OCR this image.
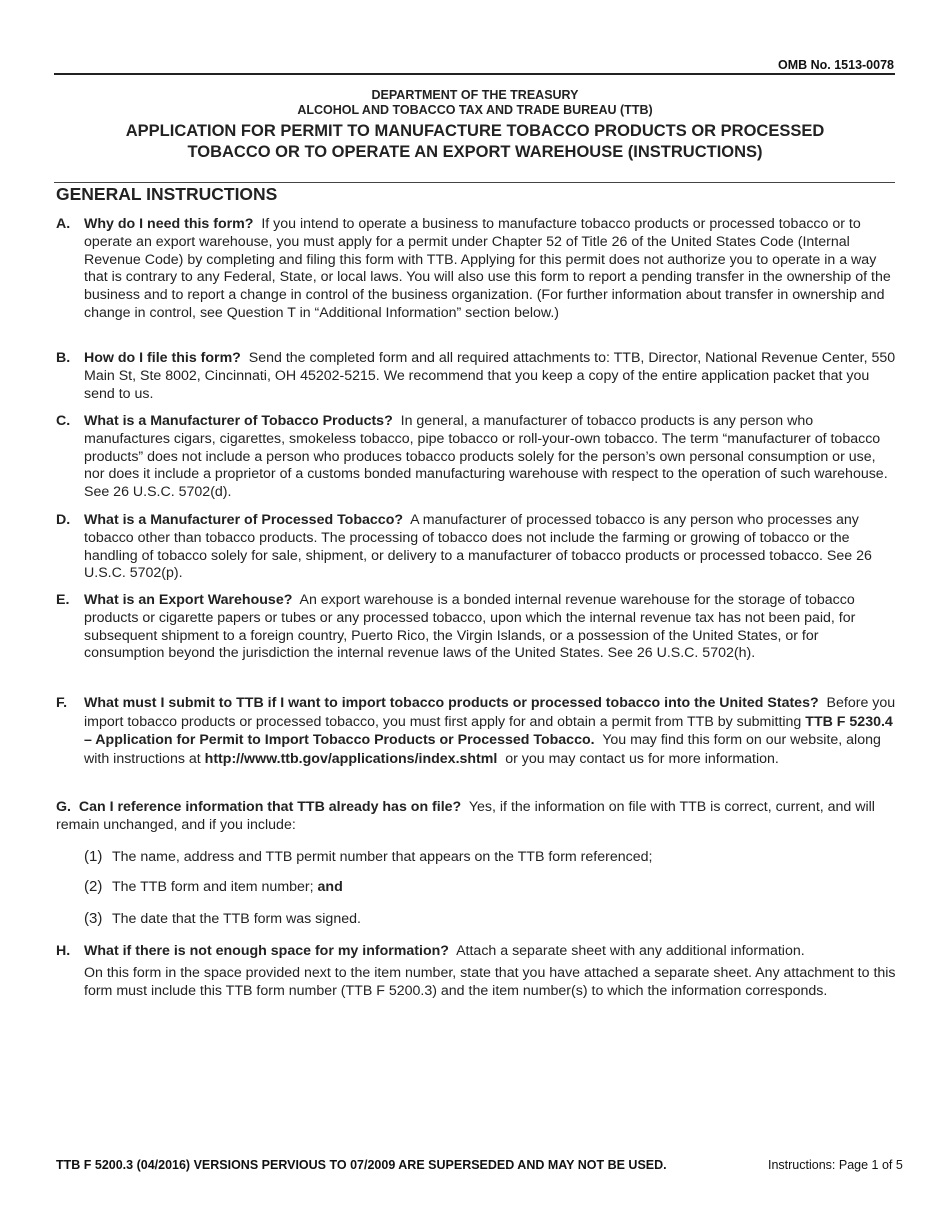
OMB No. 1513-0078
DEPARTMENT OF THE TREASURY
ALCOHOL AND TOBACCO TAX AND TRADE BUREAU (TTB)
APPLICATION FOR PERMIT TO MANUFACTURE TOBACCO PRODUCTS OR PROCESSED
TOBACCO OR TO OPERATE AN EXPORT WAREHOUSE (INSTRUCTIONS)
GENERAL INSTRUCTIONS
A. Why do I need this form? If you intend to operate a business to manufacture tobacco products or processed tobacco or to operate an export warehouse, you must apply for a permit under Chapter 52 of Title 26 of the United States Code (Internal Revenue Code) by completing and filing this form with TTB. Applying for this permit does not authorize you to operate in a way that is contrary to any Federal, State, or local laws. You will also use this form to report a pending transfer in the ownership of the business and to report a change in control of the business organization. (For further information about transfer in ownership and change in control, see Question T in “Additional Information” section below.)
B. How do I file this form? Send the completed form and all required attachments to: TTB, Director, National Revenue Center, 550 Main St, Ste 8002, Cincinnati, OH 45202-5215. We recommend that you keep a copy of the entire application packet that you send to us.
C. What is a Manufacturer of Tobacco Products? In general, a manufacturer of tobacco products is any person who manufactures cigars, cigarettes, smokeless tobacco, pipe tobacco or roll-your-own tobacco. The term “manufacturer of tobacco products” does not include a person who produces tobacco products solely for the person’s own personal consumption or use, nor does it include a proprietor of a customs bonded manufacturing warehouse with respect to the operation of such warehouse. See 26 U.S.C. 5702(d).
D. What is a Manufacturer of Processed Tobacco? A manufacturer of processed tobacco is any person who processes any tobacco other than tobacco products. The processing of tobacco does not include the farming or growing of tobacco or the handling of tobacco solely for sale, shipment, or delivery to a manufacturer of tobacco products or processed tobacco. See 26 U.S.C. 5702(p).
E. What is an Export Warehouse? An export warehouse is a bonded internal revenue warehouse for the storage of tobacco products or cigarette papers or tubes or any processed tobacco, upon which the internal revenue tax has not been paid, for subsequent shipment to a foreign country, Puerto Rico, the Virgin Islands, or a possession of the United States, or for consumption beyond the jurisdiction the internal revenue laws of the United States. See 26 U.S.C. 5702(h).
F. What must I submit to TTB if I want to import tobacco products or processed tobacco into the United States? Before you import tobacco products or processed tobacco, you must first apply for and obtain a permit from TTB by submitting TTB F 5230.4 – Application for Permit to Import Tobacco Products or Processed Tobacco. You may find this form on our website, along with instructions at http://www.ttb.gov/applications/index.shtml or you may contact us for more information.
G. Can I reference information that TTB already has on file? Yes, if the information on file with TTB is correct, current, and will remain unchanged, and if you include:
(1) The name, address and TTB permit number that appears on the TTB form referenced;
(2) The TTB form and item number; and
(3) The date that the TTB form was signed.
H. What if there is not enough space for my information? Attach a separate sheet with any additional information.
On this form in the space provided next to the item number, state that you have attached a separate sheet. Any attachment to this form must include this TTB form number (TTB F 5200.3) and the item number(s) to which the information corresponds.
TTB F 5200.3 (04/2016) VERSIONS PERVIOUS TO 07/2009 ARE SUPERSEDED AND MAY NOT BE USED.	Instructions: Page 1 of 5
